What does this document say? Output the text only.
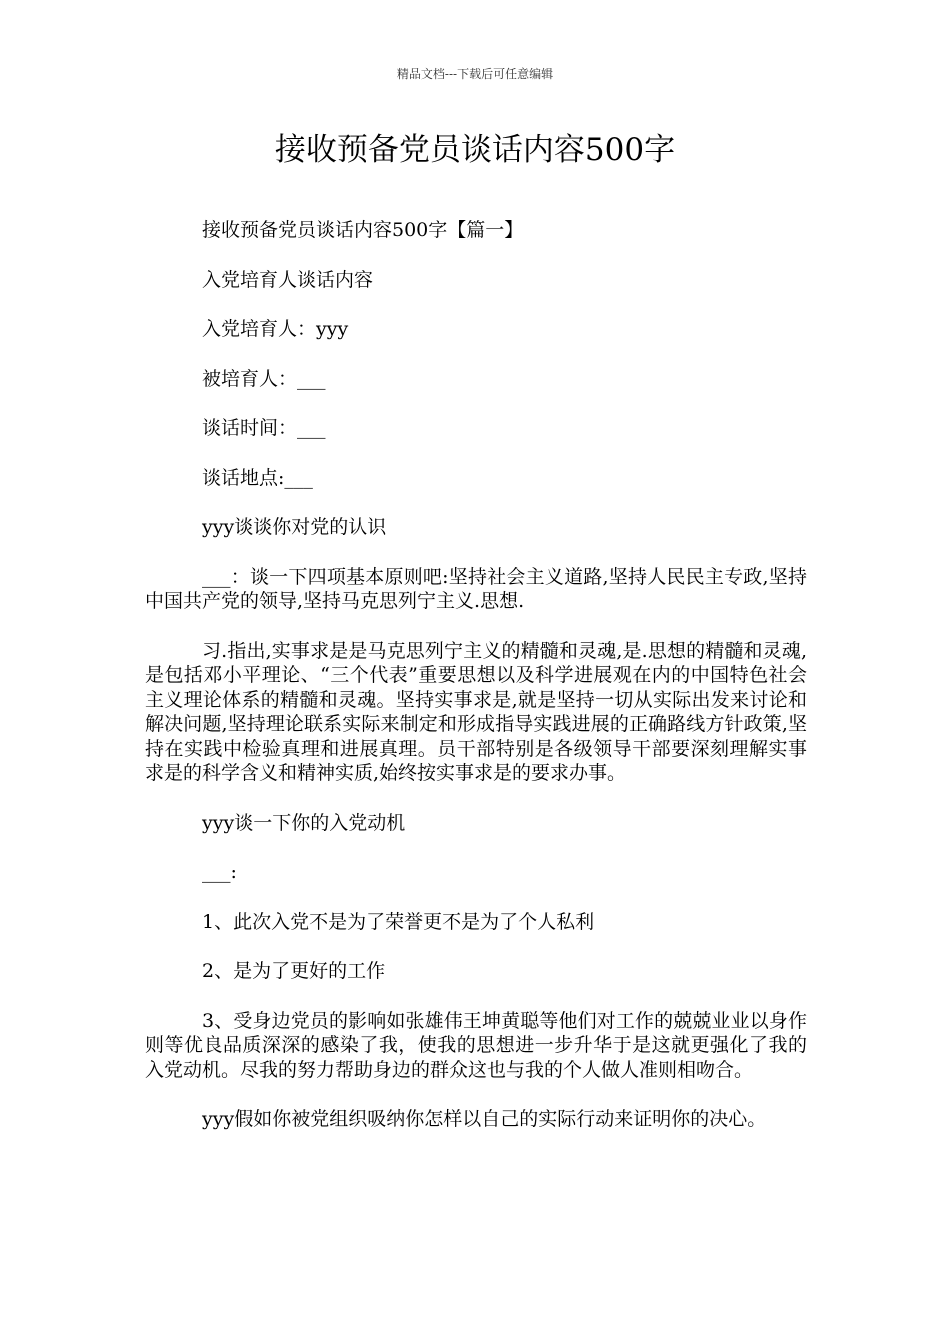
精品文档---下载后可任意编辑
接收预备党员谈话内容500字

接收预备党员谈话内容500字【篇一】

入党培育人谈话内容

入党培育人：yyy

被培育人：___

谈话时间：___

谈话地点:___

yyy谈谈你对党的认识

___：谈一下四项基本原则吧:坚持社会主义道路,坚持人民民主专政,坚持中国共产党的领导,坚持马克思列宁主义.思想.

习.指出,实事求是是马克思列宁主义的精髓和灵魂,是.思想的精髓和灵魂,是包括邓小平理论、“三个代表”重要思想以及科学进展观在内的中国特色社会主义理论体系的精髓和灵魂。坚持实事求是,就是坚持一切从实际出发来讨论和解决问题,坚持理论联系实际来制定和形成指导实践进展的正确路线方针政策,坚持在实践中检验真理和进展真理。员干部特别是各级领导干部要深刻理解实事求是的科学含义和精神实质,始终按实事求是的要求办事。

yyy谈一下你的入党动机

___:

1、此次入党不是为了荣誉更不是为了个人私利

2、是为了更好的工作

3、受身边党员的影响如张雄伟王坤黄聪等他们对工作的兢兢业业以身作则等优良品质深深的感染了我，使我的思想进一步升华于是这就更强化了我的入党动机。尽我的努力帮助身边的群众这也与我的个人做人准则相吻合。

yyy假如你被党组织吸纳你怎样以自己的实际行动来证明你的决心。
